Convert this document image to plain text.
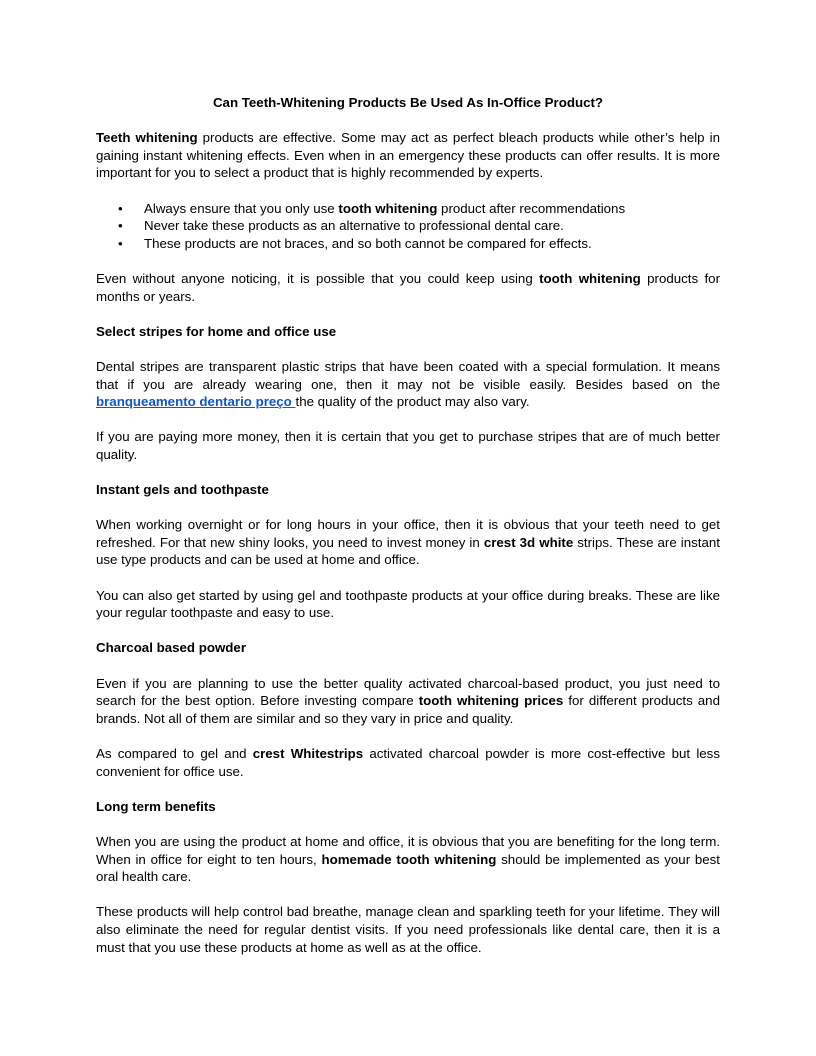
Can Teeth-Whitening Products Be Used As In-Office Product?

Teeth whitening products are effective. Some may act as perfect bleach products while other’s help in gaining instant whitening effects. Even when in an emergency these products can offer results. It is more important for you to select a product that is highly recommended by experts.

• Always ensure that you only use tooth whitening product after recommendations
• Never take these products as an alternative to professional dental care.
• These products are not braces, and so both cannot be compared for effects.

Even without anyone noticing, it is possible that you could keep using tooth whitening products for months or years.

Select stripes for home and office use

Dental stripes are transparent plastic strips that have been coated with a special formulation. It means that if you are already wearing one, then it may not be visible easily. Besides based on the branqueamento dentario preço the quality of the product may also vary.

If you are paying more money, then it is certain that you get to purchase stripes that are of much better quality.

Instant gels and toothpaste

When working overnight or for long hours in your office, then it is obvious that your teeth need to get refreshed. For that new shiny looks, you need to invest money in crest 3d white strips. These are instant use type products and can be used at home and office.

You can also get started by using gel and toothpaste products at your office during breaks. These are like your regular toothpaste and easy to use.

Charcoal based powder

Even if you are planning to use the better quality activated charcoal-based product, you just need to search for the best option. Before investing compare tooth whitening prices for different products and brands. Not all of them are similar and so they vary in price and quality.

As compared to gel and crest Whitestrips activated charcoal powder is more cost-effective but less convenient for office use.

Long term benefits

When you are using the product at home and office, it is obvious that you are benefiting for the long term. When in office for eight to ten hours, homemade tooth whitening should be implemented as your best oral health care.

These products will help control bad breathe, manage clean and sparkling teeth for your lifetime. They will also eliminate the need for regular dentist visits. If you need professionals like dental care, then it is a must that you use these products at home as well as at the office.
